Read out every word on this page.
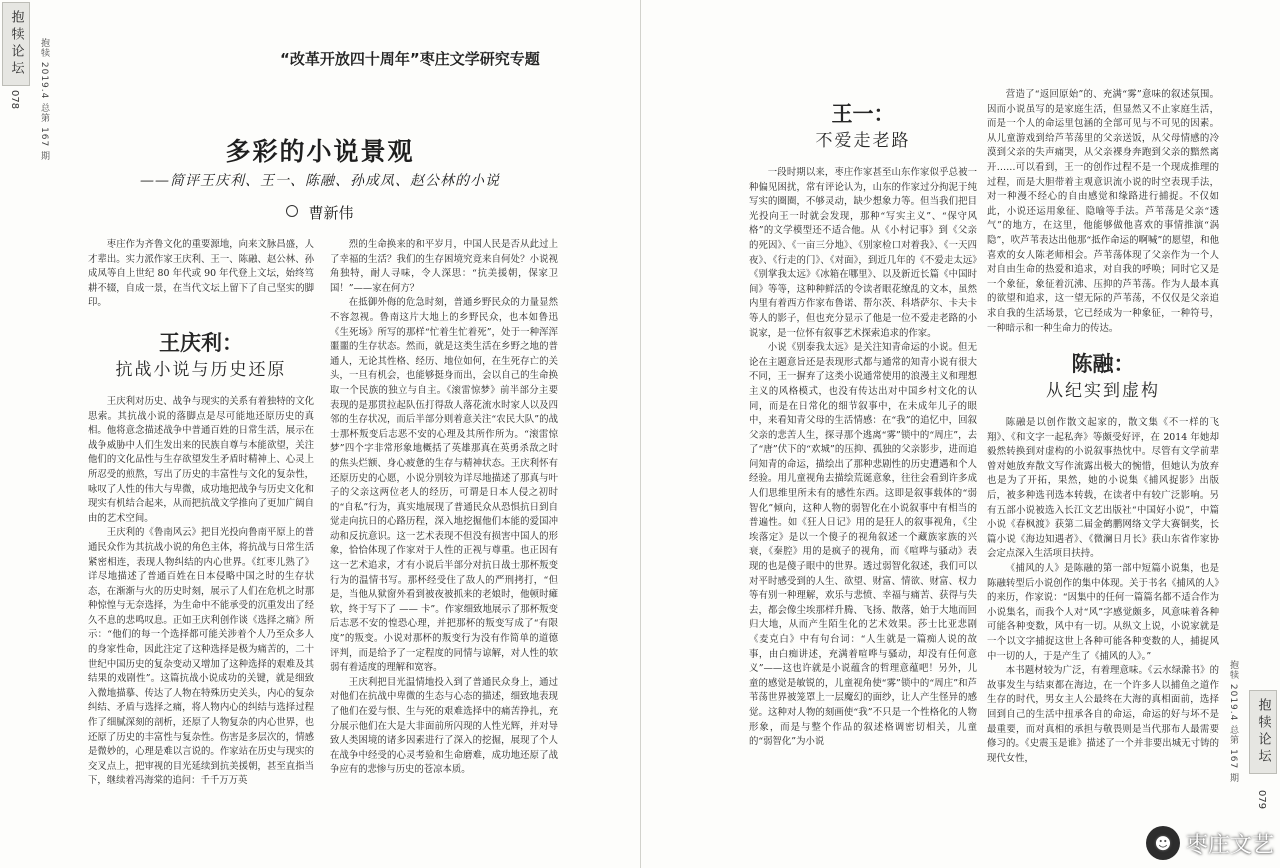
抱犊论坛
078 抱犊 2019.4 总第 167 期	“改革开放四十周年”枣庄文学研究专题
多彩的小说景观
——简评王庆利、王一、陈融、孙成凤、赵公林的小说
曹新伟

枣庄作为齐鲁文化的重要源地，向来文脉昌盛，人才辈出。实力派作家王庆利、王一、陈融、赵公林、孙成凤等自上世纪 80 年代或 90 年代登上文坛，始终笃耕不辍，自成一景，在当代文坛上留下了自己坚实的脚印。

王庆利：
抗战小说与历史还原

王庆利对历史、战争与现实的关系有着独特的文化思索。其抗战小说的落脚点是尽可能地还原历史的真相。他将意念描述战争中普通百姓的日常生活，展示在战争威胁中人们生发出来的民族自尊与本能欲望，关注他们的文化品性与生存欲望发生矛盾时精神上、心灵上所忍受的煎熬，写出了历史的丰富性与文化的复杂性，咏叹了人性的伟大与卑微，成功地把战争与历史文化和现实有机结合起来，从而把抗战文学推向了更加广阔自由的艺术空间。

王庆利的《鲁南风云》把目光投向鲁南平原上的普通民众作为其抗战小说的角色主体，将抗战与日常生活紧密相连，表现人物纠结的内心世界。《红枣儿熟了》详尽地描述了普通百姓在日本侵略中国之时的生存状态，在渐渐与火的历史时刻，展示了人们在危机之时那种惊惶与无奈选择，为生命中不能承受的沉重发出了经久不息的悲鸣叹息。正如王庆利创作谈《选择之痛》所示：“他们的每一个选择都可能关涉着个人乃至众多人的身家性命，因此注定了这种选择是极为痛苦的，二十世纪中国历史的复杂变动又增加了这种选择的艰难及其结果的戏剧性”。这篇抗战小说成功的关键，就是细致入微地描摹、传达了人物在特殊历史关头，内心的复杂纠结、矛盾与选择之痛，将人物内心的纠结与选择过程作了细腻深刻的剖析，还原了人物复杂的内心世界，也还原了历史的丰富性与复杂性。伤害是多层次的，情感是微妙的，心理是难以言说的。作家站在历史与现实的交叉点上，把审视的目光延续到抗美援朝，甚至直指当下，继续着冯海棠的追问：千千万万英

烈的生命换来的和平岁月，中国人民是否从此过上了幸福的生活？我们的生存困境究竟来自何处？小说视角独特，耐人寻味，令人深思：“抗美援朝，保家卫国！”——家在何方？

在抵御外侮的危急时刻，普通乡野民众的力量显然不容忽视。鲁南这片大地上的乡野民众，也本如鲁迅《生死场》所写的那样“忙着生忙着死”，处于一种浑浑噩噩的生存状态。然而，就是这类生活在乡野之地的普通人，无论其性格、经历、地位如何，在生死存亡的关头，一旦有机会，也能够挺身而出，会以自己的生命换取一个民族的独立与自主。《滚雷惊梦》前半部分主要表现的是那贯拉起队伍打得敌人落花流水时家人以及四邻的生存状况，而后半部分则着意关注“农民大队”的战士那杯叛变后志恶不安的心理及其所作所为。“滚雷惊梦”四个字非常形象地概括了英雄那真在英勇杀敌之时的焦头烂额、身心疲惫的生存与精神状态。王庆利怀有还原历史的心愿，小说分别较为详尽地描述了那真与叶子的父亲这两位老人的经历，可谓是日本人侵之初时的“自私”行为，真实地展现了普通民众从恐惧抗日到自觉走向抗日的心路历程，深入地挖掘他们本能的爱国冲动和反抗意识。这一艺术表现不但没有损害中国人的形象，恰恰体现了作家对于人性的正视与尊重。也正因有这一艺术追求，才有小说后半部分对抗日战士那杯叛变行为的温情书写。那杯经受住了敌人的严刑拷打，“但是，当他从狱窗外看到被夜被抓来的老娘时，他顿时瘫软，终于写下了 —— 卡”。作家细致地展示了那杯叛变后志恶不安的惶恐心理，并把那杯的叛变写成了“有限度”的叛变。小说对那杯的叛变行为没有作简单的道德评判，而是给予了一定程度的同情与谅解，对人性的软弱有着适度的理解和宽容。

王庆利把目光温情地投入到了普通民众身上，通过对他们在抗战中卑微的生态与心态的描述，细致地表现了他们在爱与恨、生与死的艰难选择中的痛苦挣扎，充分展示他们在大是大非面前所闪现的人性光辉，并对导致人类困境的诸多因素进行了深入的挖掘，展现了个人在战争中经受的心灵考验和生命磨难，成功地还原了战争应有的悲惨与历史的苍凉本质。

王一：
不爱走老路

一段时期以来，枣庄作家甚至山东作家似乎总被一种偏见困扰，常有评论认为，山东的作家过分拘泥于纯写实的圈圈，不够灵动，缺少想象力等。但当我们把目光投向王一时就会发现，那种“写实主义”、“保守风格”的文学模型还不适合他。从《小村记事》到《父亲的死因》、《一亩三分地》、《别家检口对着我》、《一天四夜》、《行走的门》、《对面》，到近几年的《不爱走太远》《别掌我太远》《冰箱在哪里》、以及新近长篇《中国时间》等等，这种种鲜活的令读者眼花缭乱的文本，虽然内里有着西方作家布鲁诺、帮尔茨、科塔萨尔、卡夫卡等人的影子，但也充分显示了他是一位不爱走老路的小说家，是一位怀有叙事艺术探索追求的作家。

小说《别泰我太远》是关注知青命运的小说。但无论在主题意旨还是表现形式都与通常的知青小说有很大不同，王一摒弃了这类小说通常使用的浪漫主义和理想主义的风格模式，也没有传达出对中国乡村文化的认同，而是在日常化的细节叙事中，在未成年儿子的眼中，来看知青父母的生活情感：在“我”的追忆中，回叙父亲的悲苦人生，探寻那个逃离“雾”锁中的“周庄”，去了“唐”伏下的“欢城”的压抑、孤独的父亲影步，进而追问知青的命运，描绘出了那种悲剧性的历史遭遇和个人经验。用儿童视角去描绘荒诞意象，往往会看到许多成人们思维里所未有的感性东西。这即是叙事载体的“弱智化”倾向，这种人物的弱智化在小说叙事中有相当的普遍性。如《狂人日记》用的是狂人的叙事视角，《尘埃落定》是以一个傻子的视角叙述一个藏族家族的兴衰，《秦腔》用的是疯子的视角，而《喧哗与骚动》表现的也是傻子眼中的世界。透过弱智化叙述，我们可以对平时感受到的人生、欲望、财富、情欲、财富、权力等有别一种理解，欢乐与悲愤、幸福与痛苦、获得与失去，都会像尘埃那样升腾、飞扬、散落，始于大地而回归大地，从而产生陌生化的艺术效果。莎士比亚悲剧《麦克白》中有句台词：“人生就是一篇痴人说的故事，由白痴讲述，充满着喧哗与骚动，却没有任何意义”——这也许就是小说蕴含的哲理意蕴吧！另外，儿童的感觉是敏锐的，儿童视角使“雾”锁中的“周庄”和芦苇荡世界被笼罩上一层魔幻的面纱，让人产生怪异的感觉。这种对人物的刻画使“我”不只是一个性格化的人物形象，而是与整个作品的叙述格调密切相关，儿童的“弱智化”为小说

营造了“返回原始”的、充满“雾”意味的叙述氛围。因而小说虽写的是家庭生活，但显然又不止家庭生活，而是一个人的命运里包涵的全部可见与不可见的因素。从儿童游戏到给芦苇荡里的父亲送饭，从父母情感的冷漠到父亲的失声痛哭，从父亲裸身奔跑到父亲的黯然离开……可以看到，王一的创作过程不是一个现成推理的过程，而是大胆带着主观意识流小说的时空表现手法，对一种漫不经心的自由感觉和缘路进行捕捉。不仅如此，小说还运用象征、隐喻等手法。芦苇荡是父亲“透气”的地方，在这里，他能够做他喜欢的事情推演“涡隐”，吹芦苇表达出他那“抵作命运的啊喊”的愿望，和他喜欢的女人陈老师相会。芦苇荡体现了父亲作为一个人对自由生命的热爱和追求，对自我的呼唤；同时它又是一个象征，象征着沉沸、压抑的芦苇荡。作为人最本真的欲望和追求，这一望无际的芦苇荡，不仅仅是父亲追求自我的生活场景，它已经成为一种象征，一种符号，一种暗示和一种生命力的传达。

陈融：
从纪实到虚构

陈融是以创作散文起家的，散文集《不一样的飞翔》、《和文字一起私奔》等颇受好评，在 2014 年她却毅然转换到对虚构的小说叙事热忱中。尽管有文学前辈曾对她放弃散文写作流露出极大的惋惜，但她认为放弃也是为了开拓，果然，她的小说集《捕风捉影》出版后，被多种选刊选本转载，在读者中有较广泛影响。另有五部小说被选入长江文艺出版社“中国好小说”，中篇小说《春枫渡》获第二届金鹤鹏网络文学大赛铜奖，长篇小说《海边知遇者》、《微澜日月长》获山东省作家协会定点深入生活项目扶持。

《捕风的人》是陈融的第一部中短篇小说集，也是陈融转型后小说创作的集中体现。关于书名《捕风的人》的来历，作家说：“因集中的任何一篇篇名都不适合作为小说集名，而我个人对“风”字感觉颇多，风意味着各种可能各种变数，风中有一切。从纵文上说，小说家就是一个以文字捕捉这世上各种可能各种变数的人，捕捉风中一切的人，于是产生了《捕风的人》。”

本书题材较为广泛，有着理意味。《云水绿滁书》的故事发生与结束都在海边，在一个许多人以捕鱼之道作生存的时代，男女主人公最终在大海的真相面前，选择回到自己的生活中扭承各自的命运，命运的好与坏不是最重要，而对真相的承担与敬畏则是当代那布人最需要修习的。《史震玉是谁》描述了一个并非要出城无寸铸的现代女性，	抱犊 2019.4 总第 167 期 抱犊论坛
079
☻ 枣庄文艺
